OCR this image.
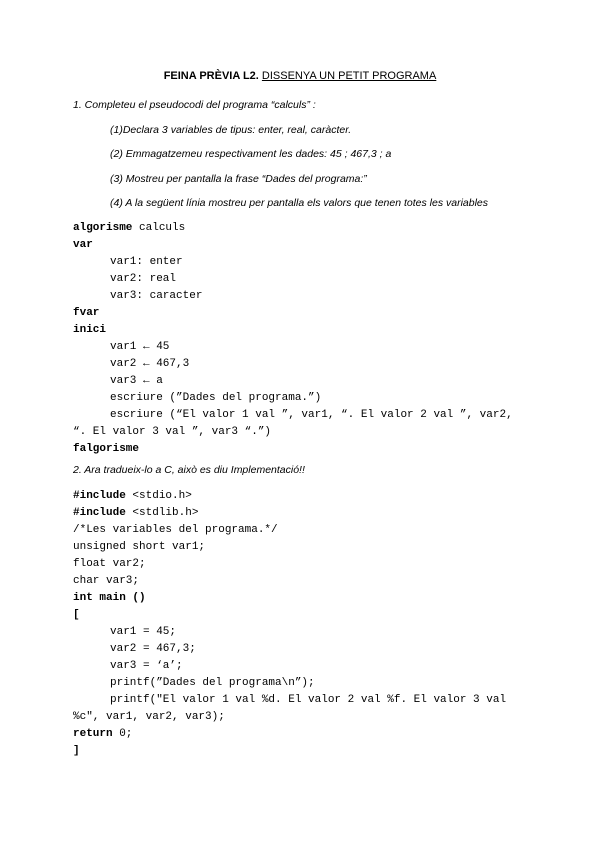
FEINA PRÈVIA L2. DISSENYA UN PETIT PROGRAMA
1. Completeu el pseudocodi del programa “calculs” :
(1)Declara 3 variables de tipus: enter, real, caràcter.
(2) Emmagatzemeu respectivament les dades: 45 ; 467,3 ; a
(3) Mostreu per pantalla la frase “Dades del programa:”
(4) A la següent línia mostreu per pantalla els valors que tenen totes les variables
algorisme calculs
var
var1: enter
var2: real
var3: caracter
fvar
inici
var1 ← 45
var2 ← 467,3
var3 ← a
escriure (”Dades del programa.”)
escriure (“El valor 1 val ”, var1, “. El valor 2 val ”, var2,
“. El valor 3 val ”, var3 “.”)
falgorisme
2. Ara tradueix-lo a C, això es diu Implementació!!
#include <stdio.h>
#include <stdlib.h>
/*Les variables del programa.*/
unsigned short var1;
float var2;
char var3;
int main ()
[
var1 = 45;
var2 = 467,3;
var3 = ‘a’;
printf(”Dades del programa\n”);
printf("El valor 1 val %d. El valor 2 val %f. El valor 3 val
%c", var1, var2, var3);
return 0;
]
